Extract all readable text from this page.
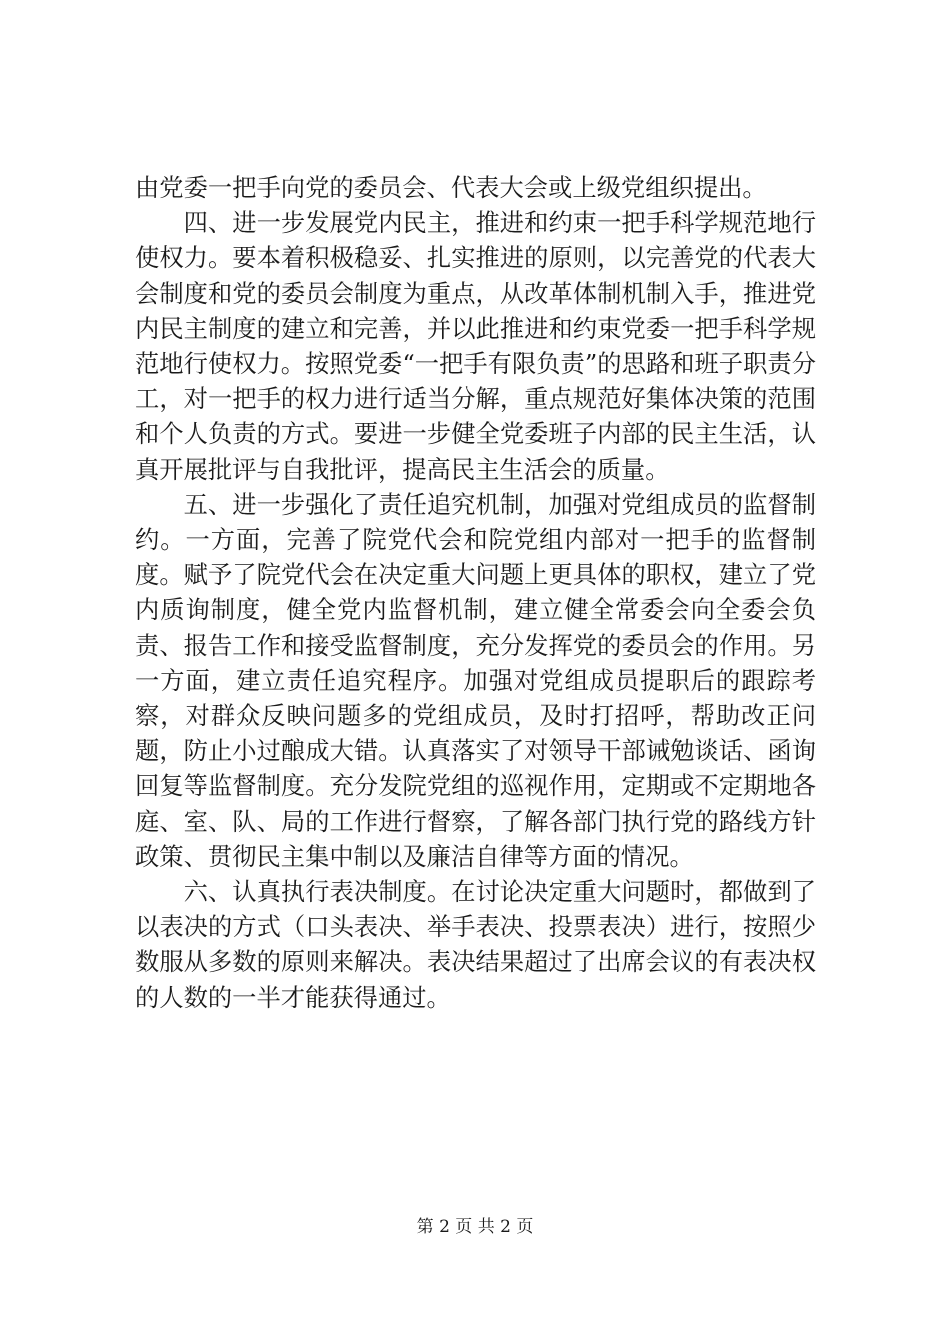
由党委一把手向党的委员会、代表大会或上级党组织提出。

四、进一步发展党内民主，推进和约束一把手科学规范地行使权力。要本着积极稳妥、扎实推进的原则，以完善党的代表大会制度和党的委员会制度为重点，从改革体制机制入手，推进党内民主制度的建立和完善，并以此推进和约束党委一把手科学规范地行使权力。按照党委“一把手有限负责”的思路和班子职责分工，对一把手的权力进行适当分解，重点规范好集体决策的范围和个人负责的方式。要进一步健全党委班子内部的民主生活，认真开展批评与自我批评，提高民主生活会的质量。

五、进一步强化了责任追究机制，加强对党组成员的监督制约。一方面，完善了院党代会和院党组内部对一把手的监督制度。赋予了院党代会在决定重大问题上更具体的职权，建立了党内质询制度，健全党内监督机制，建立健全常委会向全委会负责、报告工作和接受监督制度，充分发挥党的委员会的作用。另一方面，建立责任追究程序。加强对党组成员提职后的跟踪考察，对群众反映问题多的党组成员，及时打招呼，帮助改正问题，防止小过酿成大错。认真落实了对领导干部诫勉谈话、函询回复等监督制度。充分发院党组的巡视作用，定期或不定期地各庭、室、队、局的工作进行督察，了解各部门执行党的路线方针政策、贯彻民主集中制以及廉洁自律等方面的情况。

六、认真执行表决制度。在讨论决定重大问题时，都做到了以表决的方式（口头表决、举手表决、投票表决）进行，按照少数服从多数的原则来解决。表决结果超过了出席会议的有表决权的人数的一半才能获得通过。

第 2 页 共 2 页
